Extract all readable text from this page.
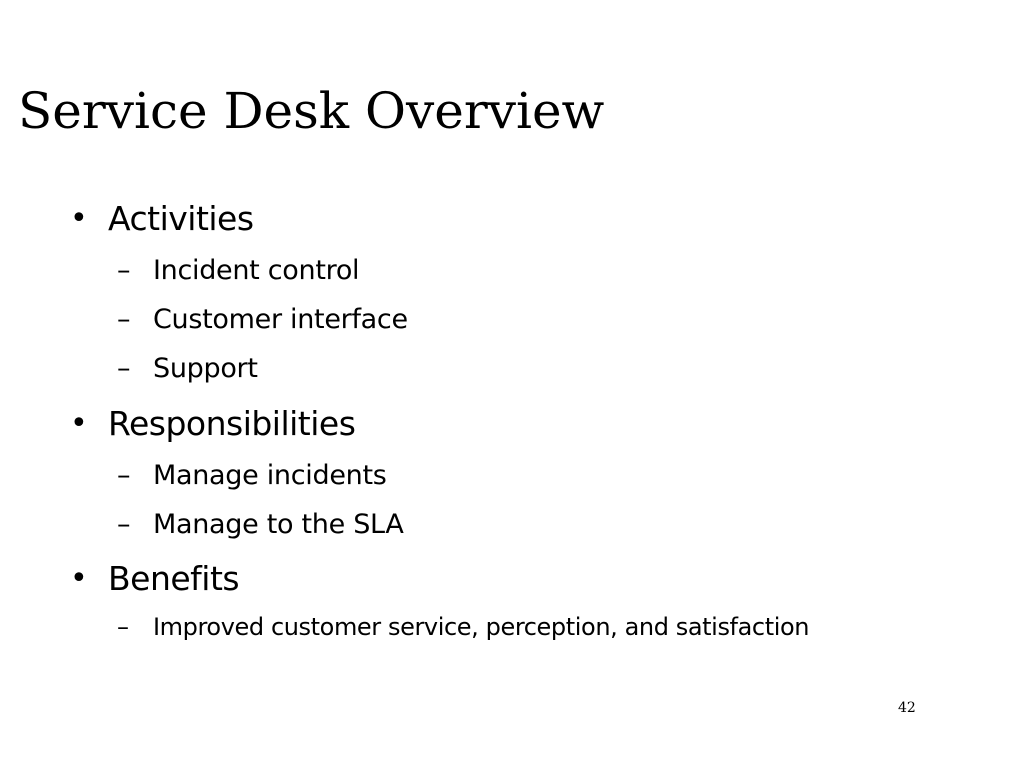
Service Desk Overview
• Activities
– Incident control
– Customer interface
– Support
• Responsibilities
– Manage incidents
– Manage to the SLA
• Benefits
– Improved customer service, perception, and satisfaction
42
